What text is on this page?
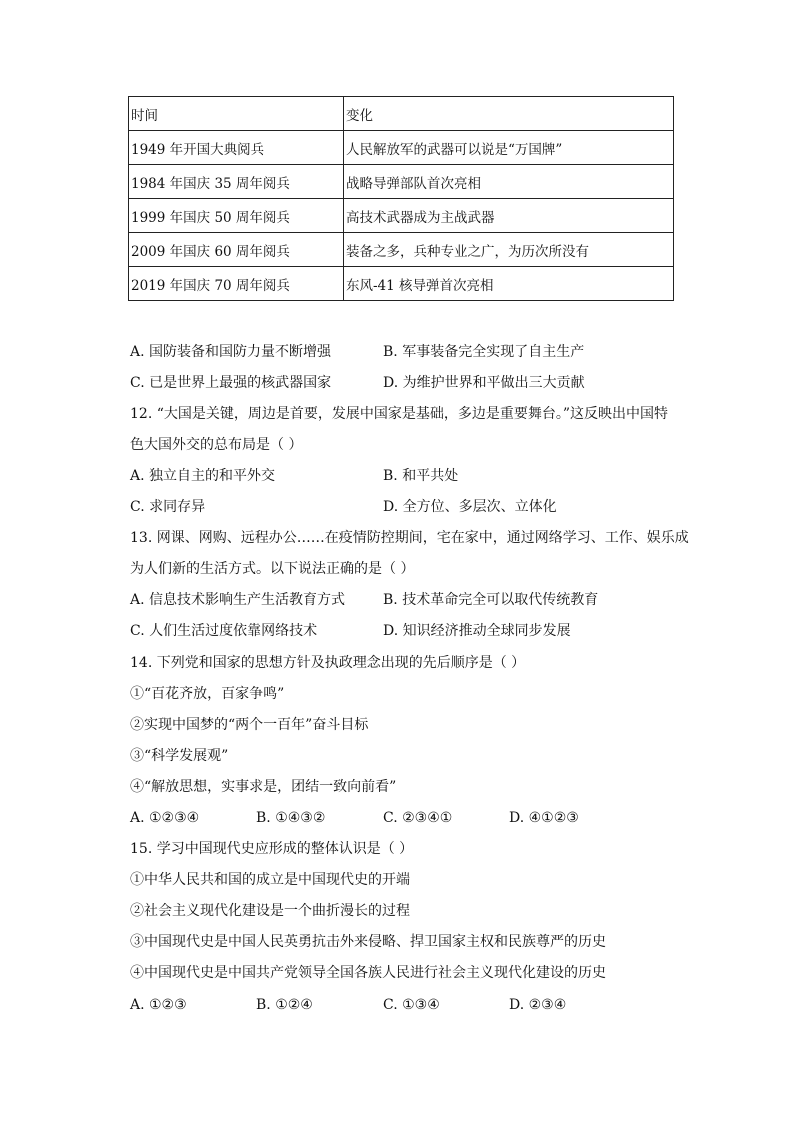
时间	变化
1949 年开国大典阅兵	人民解放军的武器可以说是“万国牌”
1984 年国庆 35 周年阅兵	战略导弹部队首次亮相
1999 年国庆 50 周年阅兵	高技术武器成为主战武器
2009 年国庆 60 周年阅兵	装备之多，兵种专业之广，为历次所没有
2019 年国庆 70 周年阅兵	东风-41 核导弹首次亮相
A. 国防装备和国防力量不断增强	B. 军事装备完全实现了自主生产
C. 已是世界上最强的核武器国家	D. 为维护世界和平做出三大贡献
12. “大国是关键，周边是首要，发展中国家是基础，多边是重要舞台。”这反映出中国特
色大国外交的总布局是（ ）
A. 独立自主的和平外交	B. 和平共处
C. 求同存异	D. 全方位、多层次、立体化
13. 网课、网购、远程办公……在疫情防控期间，宅在家中，通过网络学习、工作、娱乐成
为人们新的生活方式。以下说法正确的是（ ）
A. 信息技术影响生产生活教育方式	B. 技术革命完全可以取代传统教育
C. 人们生活过度依靠网络技术	D. 知识经济推动全球同步发展
14. 下列党和国家的思想方针及执政理念出现的先后顺序是（ ）
①“百花齐放，百家争鸣”
②实现中国梦的“两个一百年”奋斗目标
③“科学发展观”
④“解放思想，实事求是，团结一致向前看”
A. ①②③④	B. ①④③②	C. ②③④①	D. ④①②③
15. 学习中国现代史应形成的整体认识是（ ）
①中华人民共和国的成立是中国现代史的开端
②社会主义现代化建设是一个曲折漫长的过程
③中国现代史是中国人民英勇抗击外来侵略、捍卫国家主权和民族尊严的历史
④中国现代史是中国共产党领导全国各族人民进行社会主义现代化建设的历史
A. ①②③	B. ①②④	C. ①③④	D. ②③④
